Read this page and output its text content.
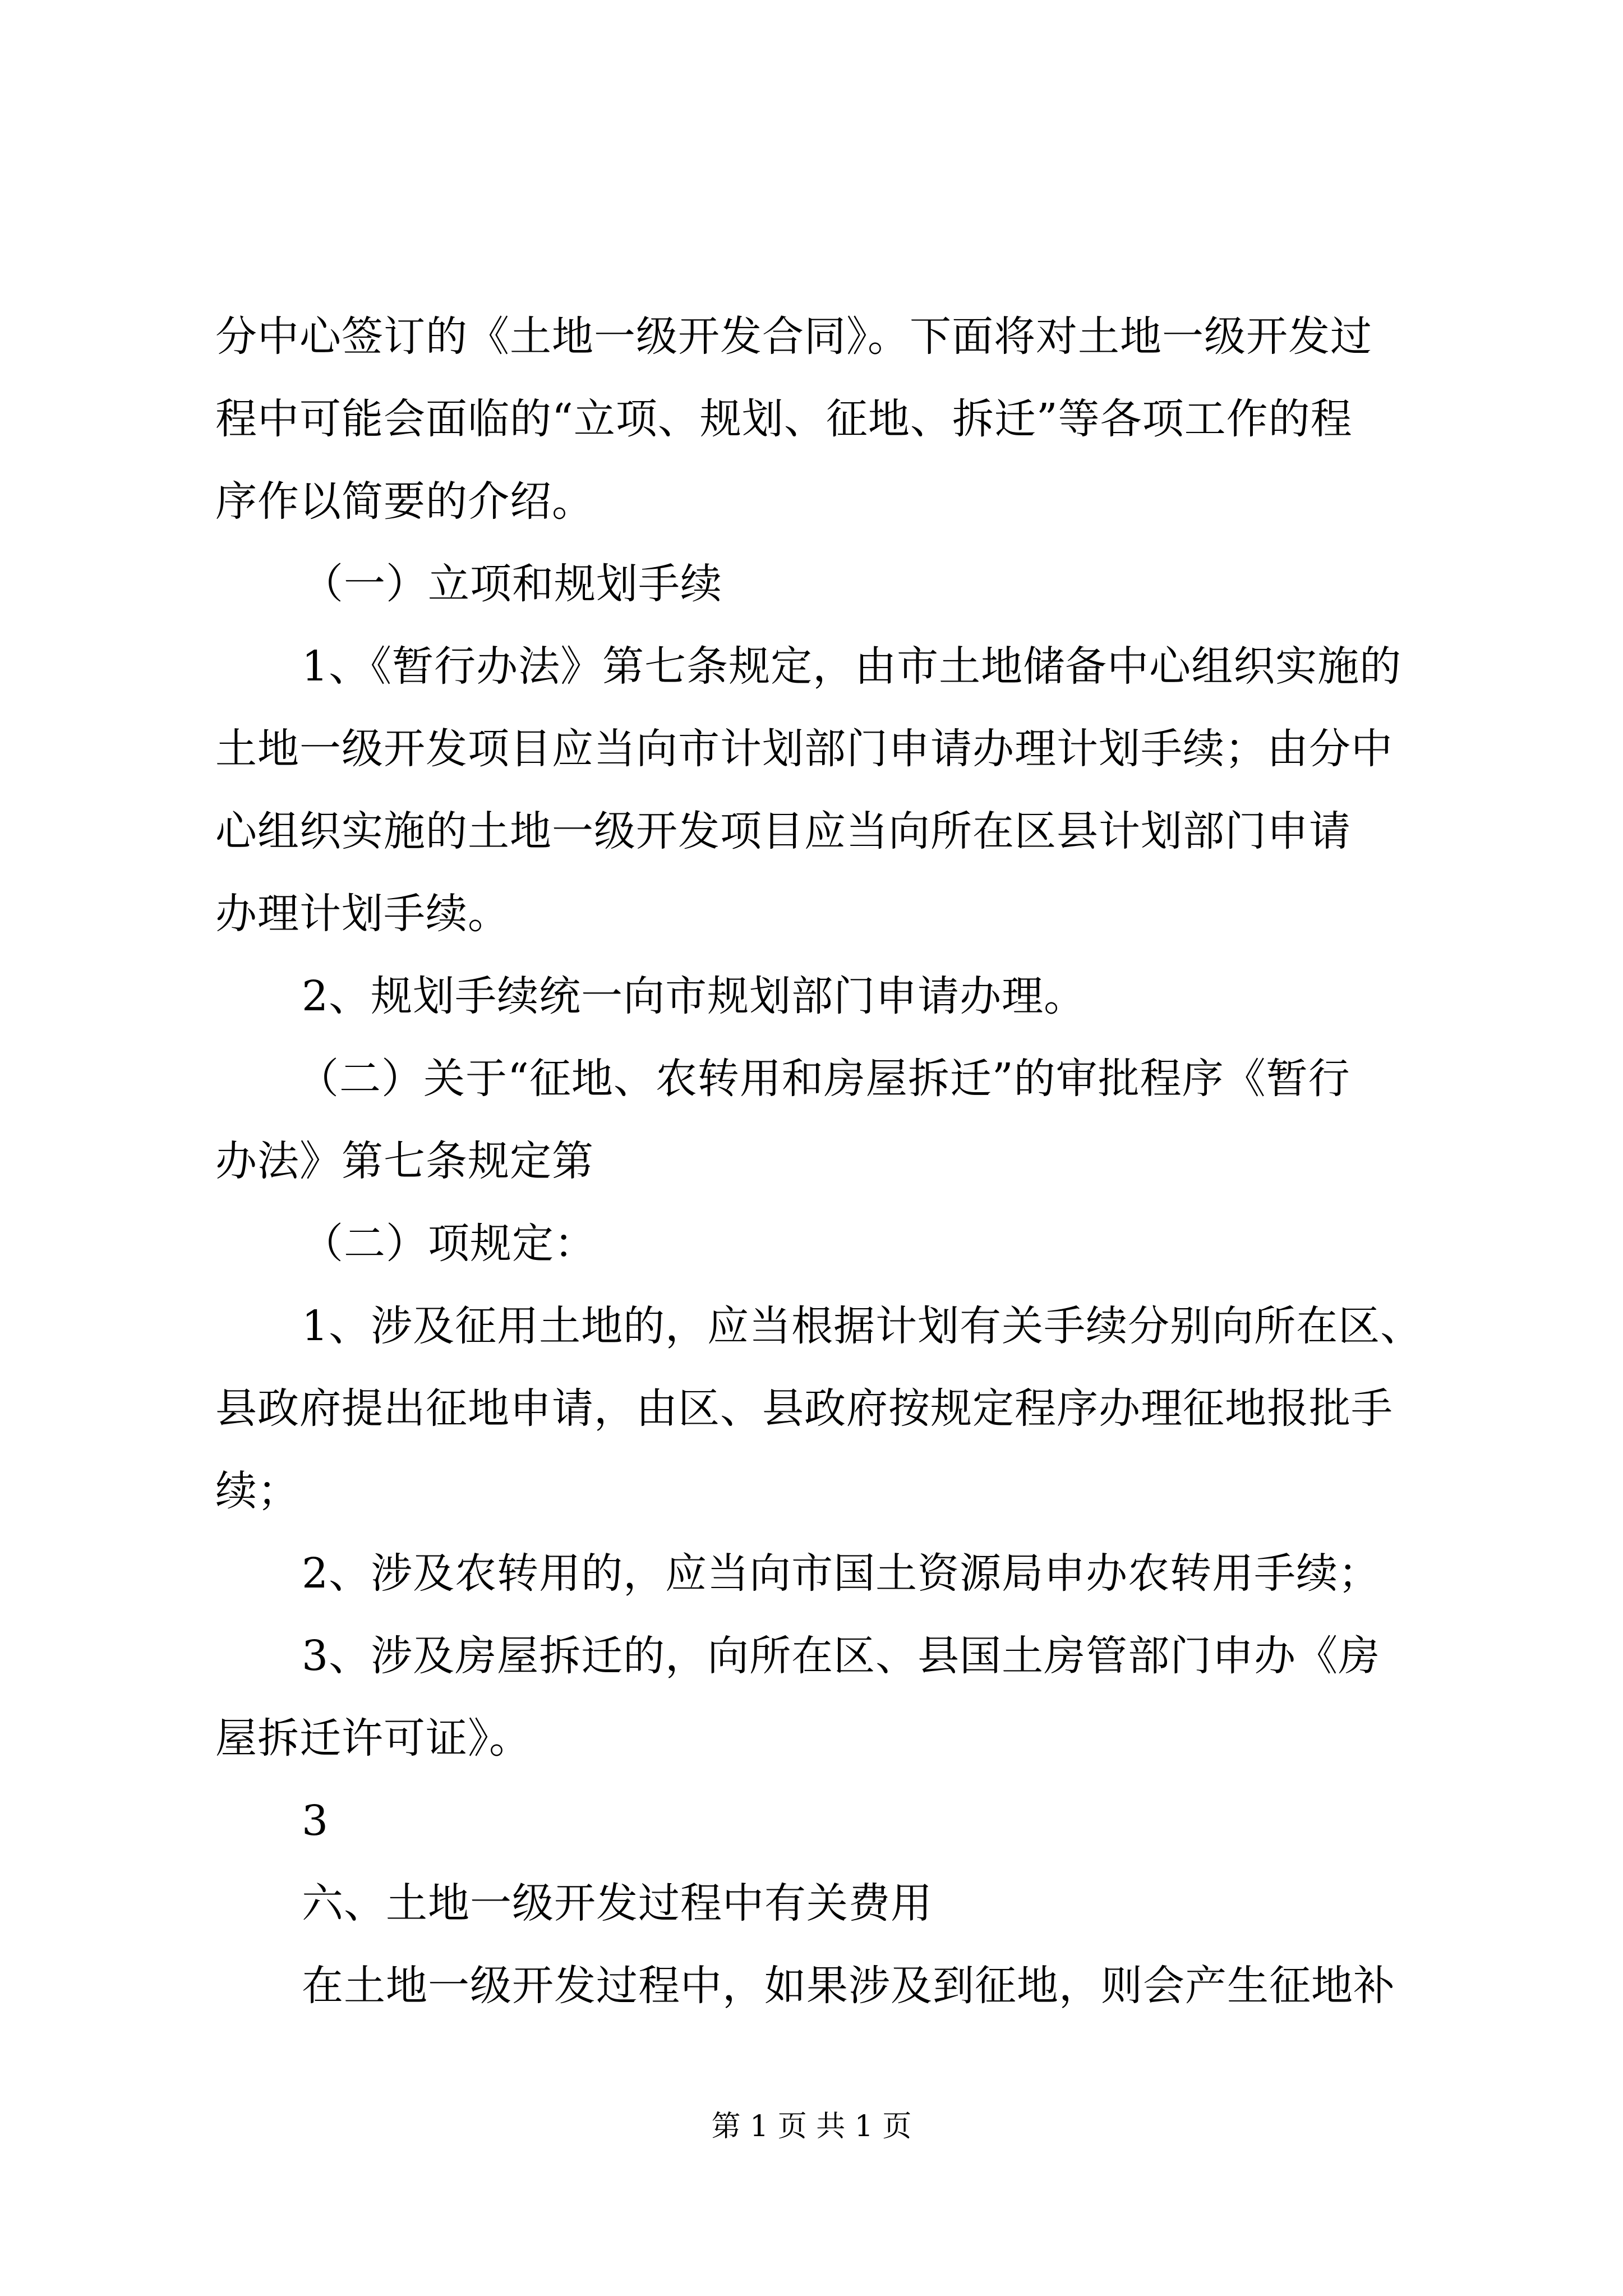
分中心签订的《土地一级开发合同》。下面将对土地一级开发过
程中可能会面临的“立项、规划、征地、拆迁”等各项工作的程
序作以简要的介绍。
（一）立项和规划手续
1、《暂行办法》第七条规定，由市土地储备中心组织实施的
土地一级开发项目应当向市计划部门申请办理计划手续；由分中
心组织实施的土地一级开发项目应当向所在区县计划部门申请
办理计划手续。
2、规划手续统一向市规划部门申请办理。
（二）关于“征地、农转用和房屋拆迁”的审批程序《暂行
办法》第七条规定第
（二）项规定：
1、涉及征用土地的，应当根据计划有关手续分别向所在区、
县政府提出征地申请，由区、县政府按规定程序办理征地报批手
续；
2、涉及农转用的，应当向市国土资源局申办农转用手续；
3、涉及房屋拆迁的，向所在区、县国土房管部门申办《房
屋拆迁许可证》。
3
六、土地一级开发过程中有关费用
在土地一级开发过程中，如果涉及到征地，则会产生征地补
第 1 页 共 1 页
